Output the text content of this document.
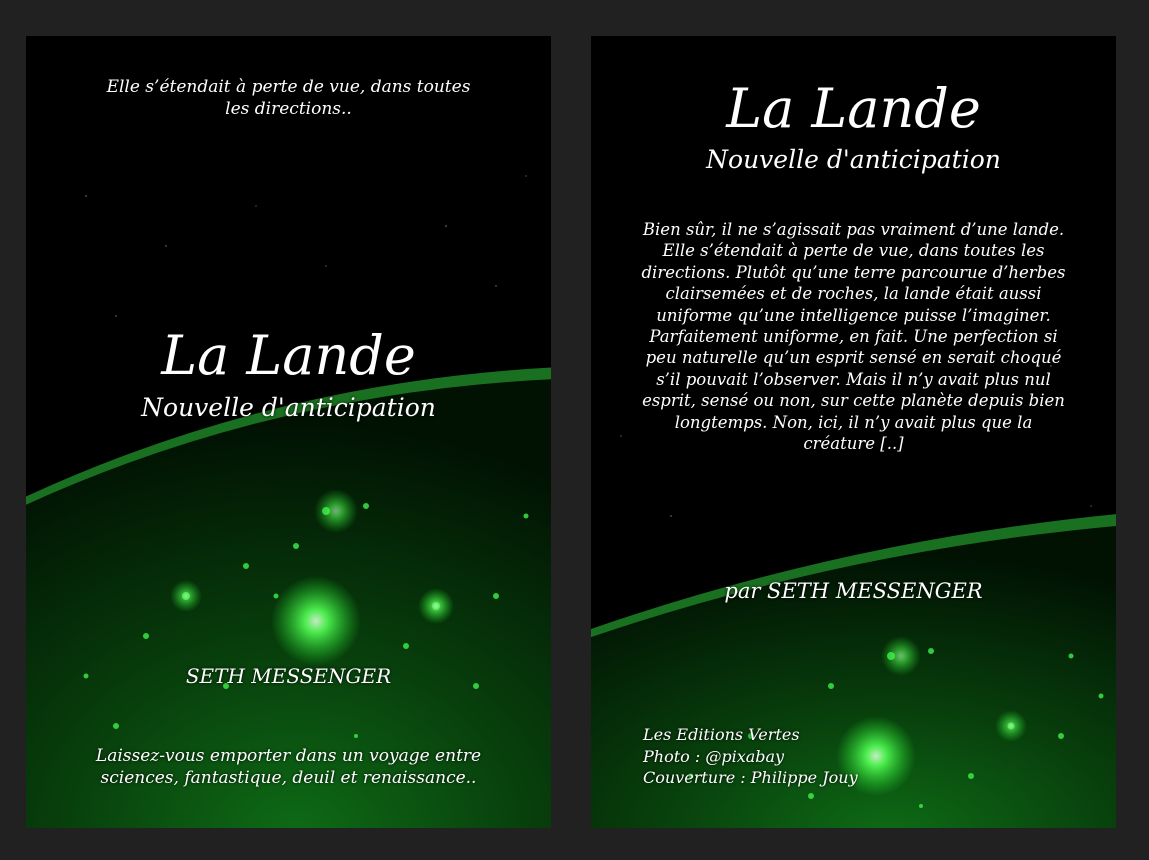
Elle s’étendait à perte de vue, dans toutes les directions..
La Lande
Nouvelle d'anticipation
SETH MESSENGER
Laissez-vous emporter dans un voyage entre sciences, fantastique, deuil et renaissance..
La Lande
Nouvelle d'anticipation
Bien sûr, il ne s’agissait pas vraiment d’une lande. Elle s’étendait à perte de vue, dans toutes les directions. Plutôt qu’une terre parcourue d’herbes clairsemées et de roches, la lande était aussi uniforme qu’une intelligence puisse l’imaginer. Parfaitement uniforme, en fait. Une perfection si peu naturelle qu’un esprit sensé en serait choqué s’il pouvait l’observer. Mais il n’y avait plus nul esprit, sensé ou non, sur cette planète depuis bien longtemps. Non, ici, il n’y avait plus que la créature [..]
par SETH MESSENGER
Les Editions Vertes
Photo : @pixabay
Couverture : Philippe Jouy
